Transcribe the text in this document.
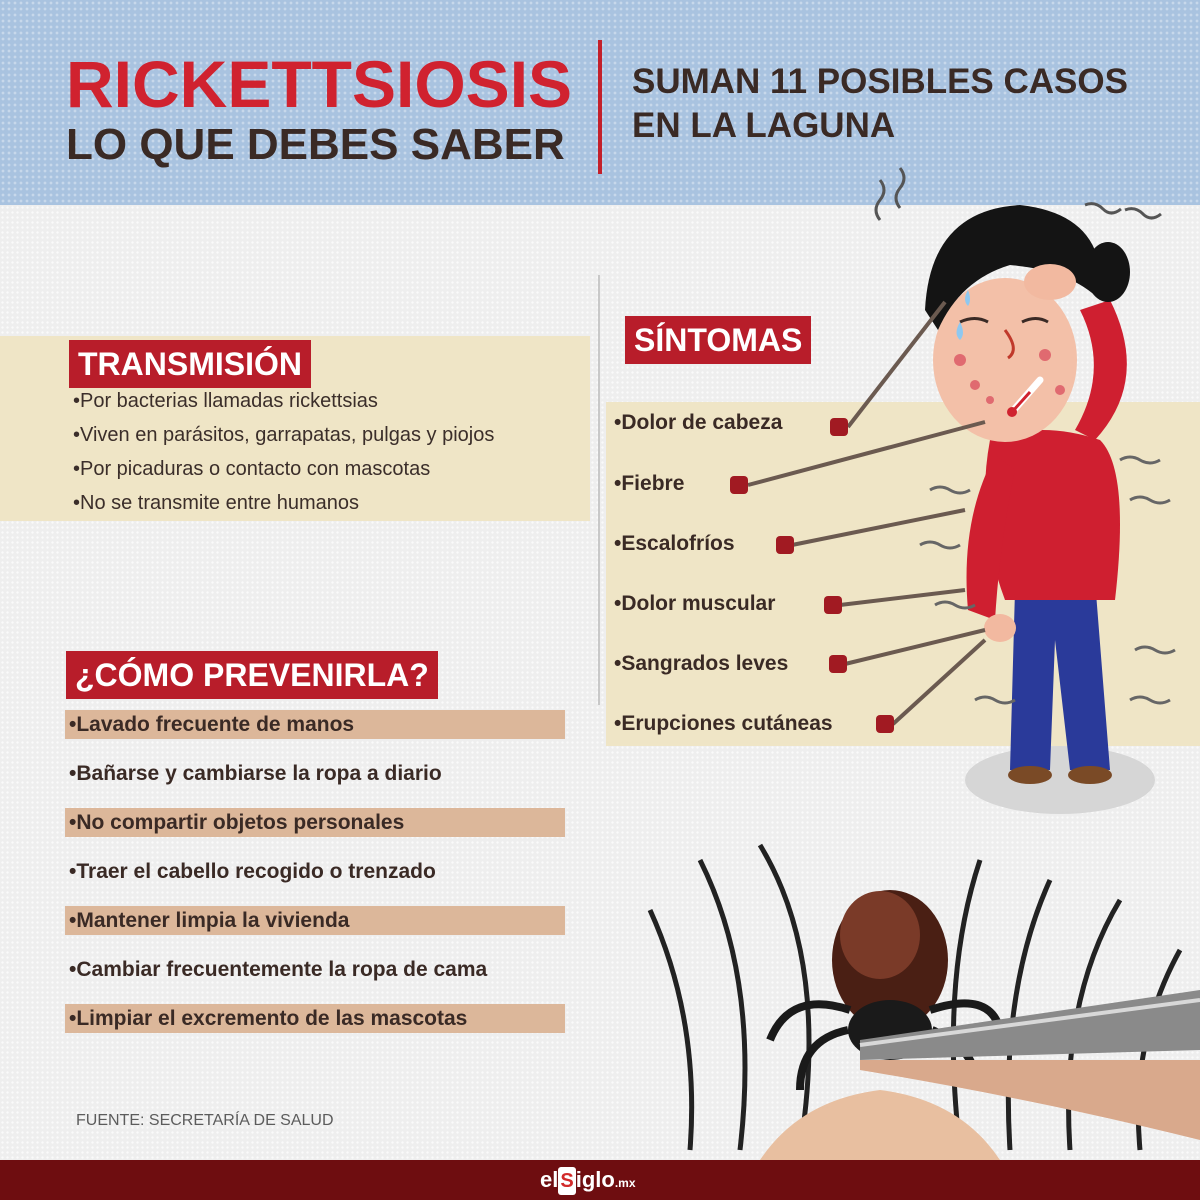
RICKETTSIOSIS
LO QUE DEBES SABER
SUMAN 11 POSIBLES CASOS
EN LA LAGUNA
TRANSMISIÓN
•Por bacterias llamadas rickettsias
•Viven en parásitos, garrapatas, pulgas y piojos
•Por picaduras o contacto con mascotas
•No se transmite entre humanos
¿CÓMO PREVENIRLA?
•Lavado frecuente de manos
•Bañarse y cambiarse la ropa a diario
•No compartir objetos personales
•Traer el cabello recogido o trenzado
•Mantener limpia la vivienda
•Cambiar frecuentemente la ropa de cama
•Limpiar el excremento de las mascotas
SÍNTOMAS
•Dolor de cabeza
•Fiebre
•Escalofríos
•Dolor muscular
•Sangrados leves
•Erupciones cutáneas
FUENTE: SECRETARÍA DE SALUD
el Siglo.mx
